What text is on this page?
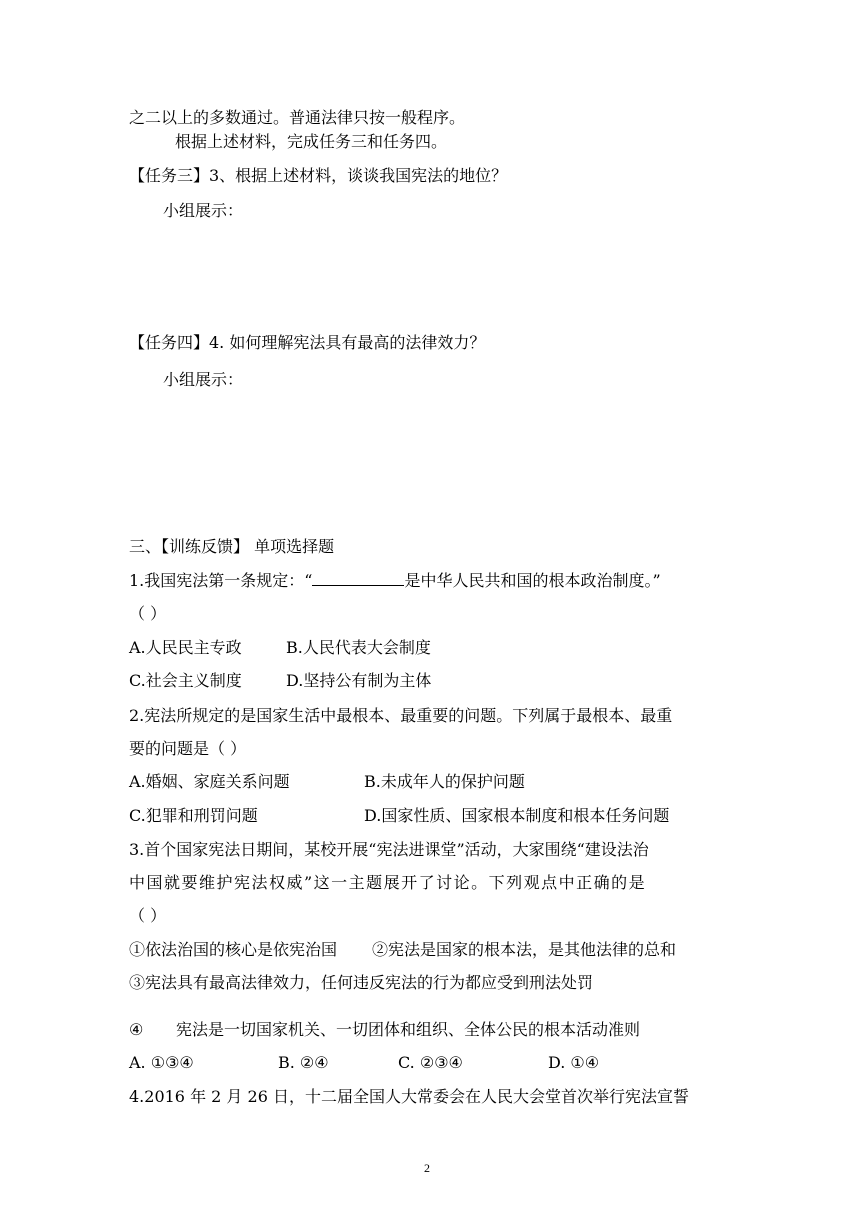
之二以上的多数通过。普通法律只按一般程序。
根据上述材料，完成任务三和任务四。
【任务三】3、根据上述材料，谈谈我国宪法的地位？
小组展示：
【任务四】4. 如何理解宪法具有最高的法律效力？
小组展示：
三、【训练反馈】 单项选择题
1.我国宪法第一条规定：“	是中华人民共和国的根本政治制度。”
（ ）
A.人民民主专政	B.人民代表大会制度
C.社会主义制度	D.坚持公有制为主体
2.宪法所规定的是国家生活中最根本、最重要的问题。下列属于最根本、最重
要的问题是（ ）
A.婚姻、家庭关系问题	B.未成年人的保护问题
C.犯罪和刑罚问题	D.国家性质、国家根本制度和根本任务问题
3.首个国家宪法日期间，某校开展“宪法进课堂”活动，大家围绕“建设法治
中国就要维护宪法权威”这一主题展开了讨论。下列观点中正确的是
（ ）
①依法治国的核心是依宪治国 ②宪法是国家的根本法，是其他法律的总和
③宪法具有最高法律效力，任何违反宪法的行为都应受到刑法处罚
④ 宪法是一切国家机关、一切团体和组织、全体公民的根本活动准则
A. ①③④	B. ②④	C. ②③④	D. ①④
4.2016 年 2 月 26 日，十二届全国人大常委会在人民大会堂首次举行宪法宣誓
2
